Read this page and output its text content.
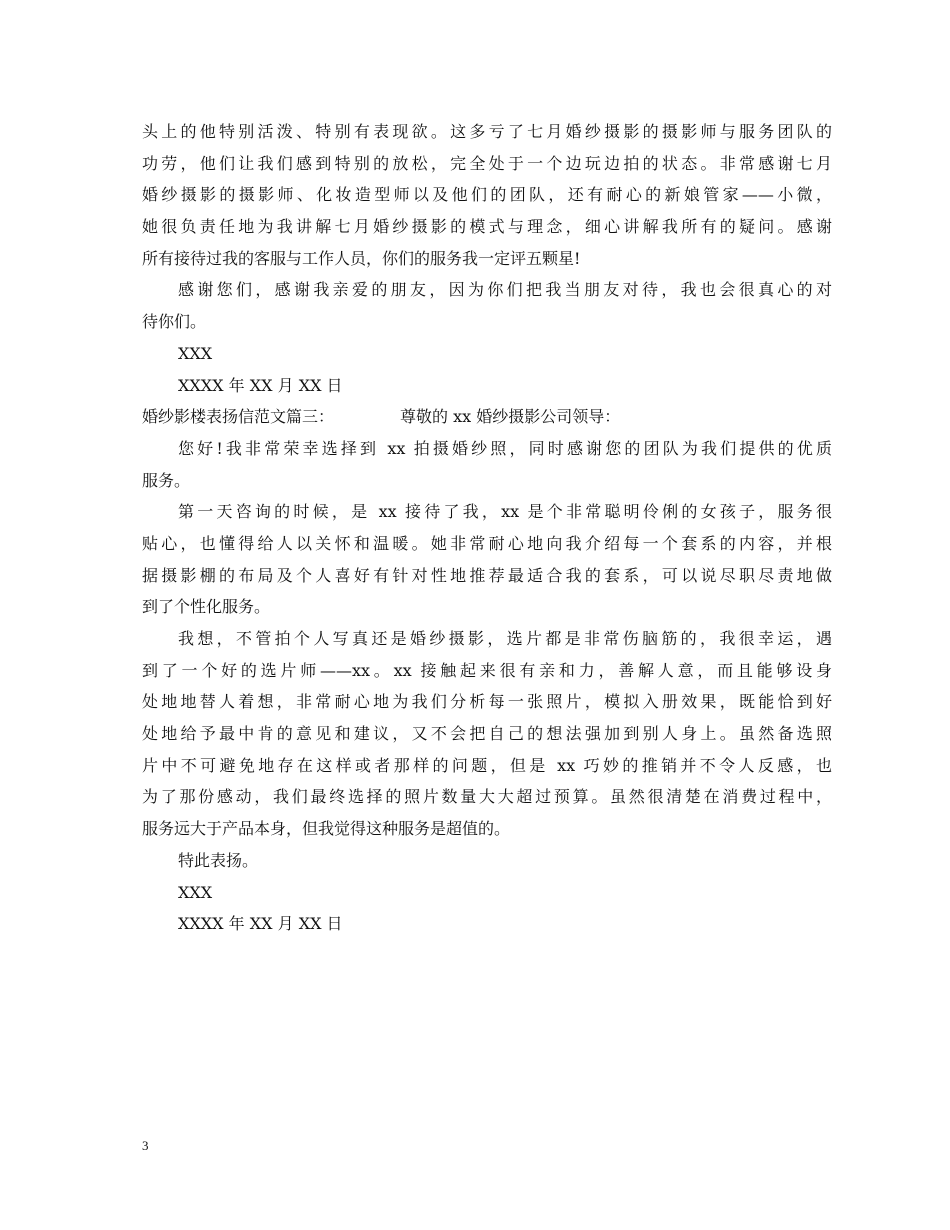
头上的他特别活泼、特别有表现欲。这多亏了七月婚纱摄影的摄影师与服务团队的
功劳，他们让我们感到特别的放松，完全处于一个边玩边拍的状态。非常感谢七月
婚纱摄影的摄影师、化妆造型师以及他们的团队，还有耐心的新娘管家——小微，
她很负责任地为我讲解七月婚纱摄影的模式与理念，细心讲解我所有的疑问。感谢
所有接待过我的客服与工作人员，你们的服务我一定评五颗星!
感谢您们，感谢我亲爱的朋友，因为你们把我当朋友对待，我也会很真心的对
待你们。
XXX
XXXX 年 XX 月 XX 日
婚纱影楼表扬信范文篇三：	尊敬的 xx 婚纱摄影公司领导：
您好!我非常荣幸选择到 xx 拍摄婚纱照，同时感谢您的团队为我们提供的优质
服务。
第一天咨询的时候，是 xx 接待了我，xx 是个非常聪明伶俐的女孩子，服务很
贴心，也懂得给人以关怀和温暖。她非常耐心地向我介绍每一个套系的内容，并根
据摄影棚的布局及个人喜好有针对性地推荐最适合我的套系，可以说尽职尽责地做
到了个性化服务。
我想，不管拍个人写真还是婚纱摄影，选片都是非常伤脑筋的，我很幸运，遇
到了一个好的选片师——xx。xx 接触起来很有亲和力，善解人意，而且能够设身
处地地替人着想，非常耐心地为我们分析每一张照片，模拟入册效果，既能恰到好
处地给予最中肯的意见和建议，又不会把自己的想法强加到别人身上。虽然备选照
片中不可避免地存在这样或者那样的问题，但是 xx 巧妙的推销并不令人反感，也
为了那份感动，我们最终选择的照片数量大大超过预算。虽然很清楚在消费过程中，
服务远大于产品本身，但我觉得这种服务是超值的。
特此表扬。
XXX
XXXX 年 XX 月 XX 日
3
